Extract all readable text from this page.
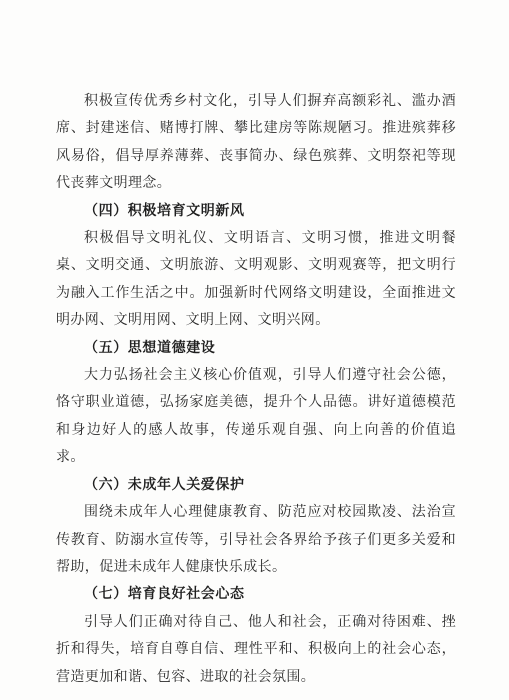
积极宣传优秀乡村文化，引导人们摒弃高额彩礼、滥办酒席、封建迷信、赌博打牌、攀比建房等陈规陋习。推进殡葬移风易俗，倡导厚养薄葬、丧事简办、绿色殡葬、文明祭祀等现代丧葬文明理念。

（四）积极培育文明新风

积极倡导文明礼仪、文明语言、文明习惯，推进文明餐桌、文明交通、文明旅游、文明观影、文明观赛等，把文明行为融入工作生活之中。加强新时代网络文明建设，全面推进文明办网、文明用网、文明上网、文明兴网。

（五）思想道德建设

大力弘扬社会主义核心价值观，引导人们遵守社会公德，恪守职业道德，弘扬家庭美德，提升个人品德。讲好道德模范和身边好人的感人故事，传递乐观自强、向上向善的价值追求。

（六）未成年人关爱保护

围绕未成年人心理健康教育、防范应对校园欺凌、法治宣传教育、防溺水宣传等，引导社会各界给予孩子们更多关爱和帮助，促进未成年人健康快乐成长。

（七）培育良好社会心态

引导人们正确对待自己、他人和社会，正确对待困难、挫折和得失，培育自尊自信、理性平和、积极向上的社会心态，营造更加和谐、包容、进取的社会氛围。
